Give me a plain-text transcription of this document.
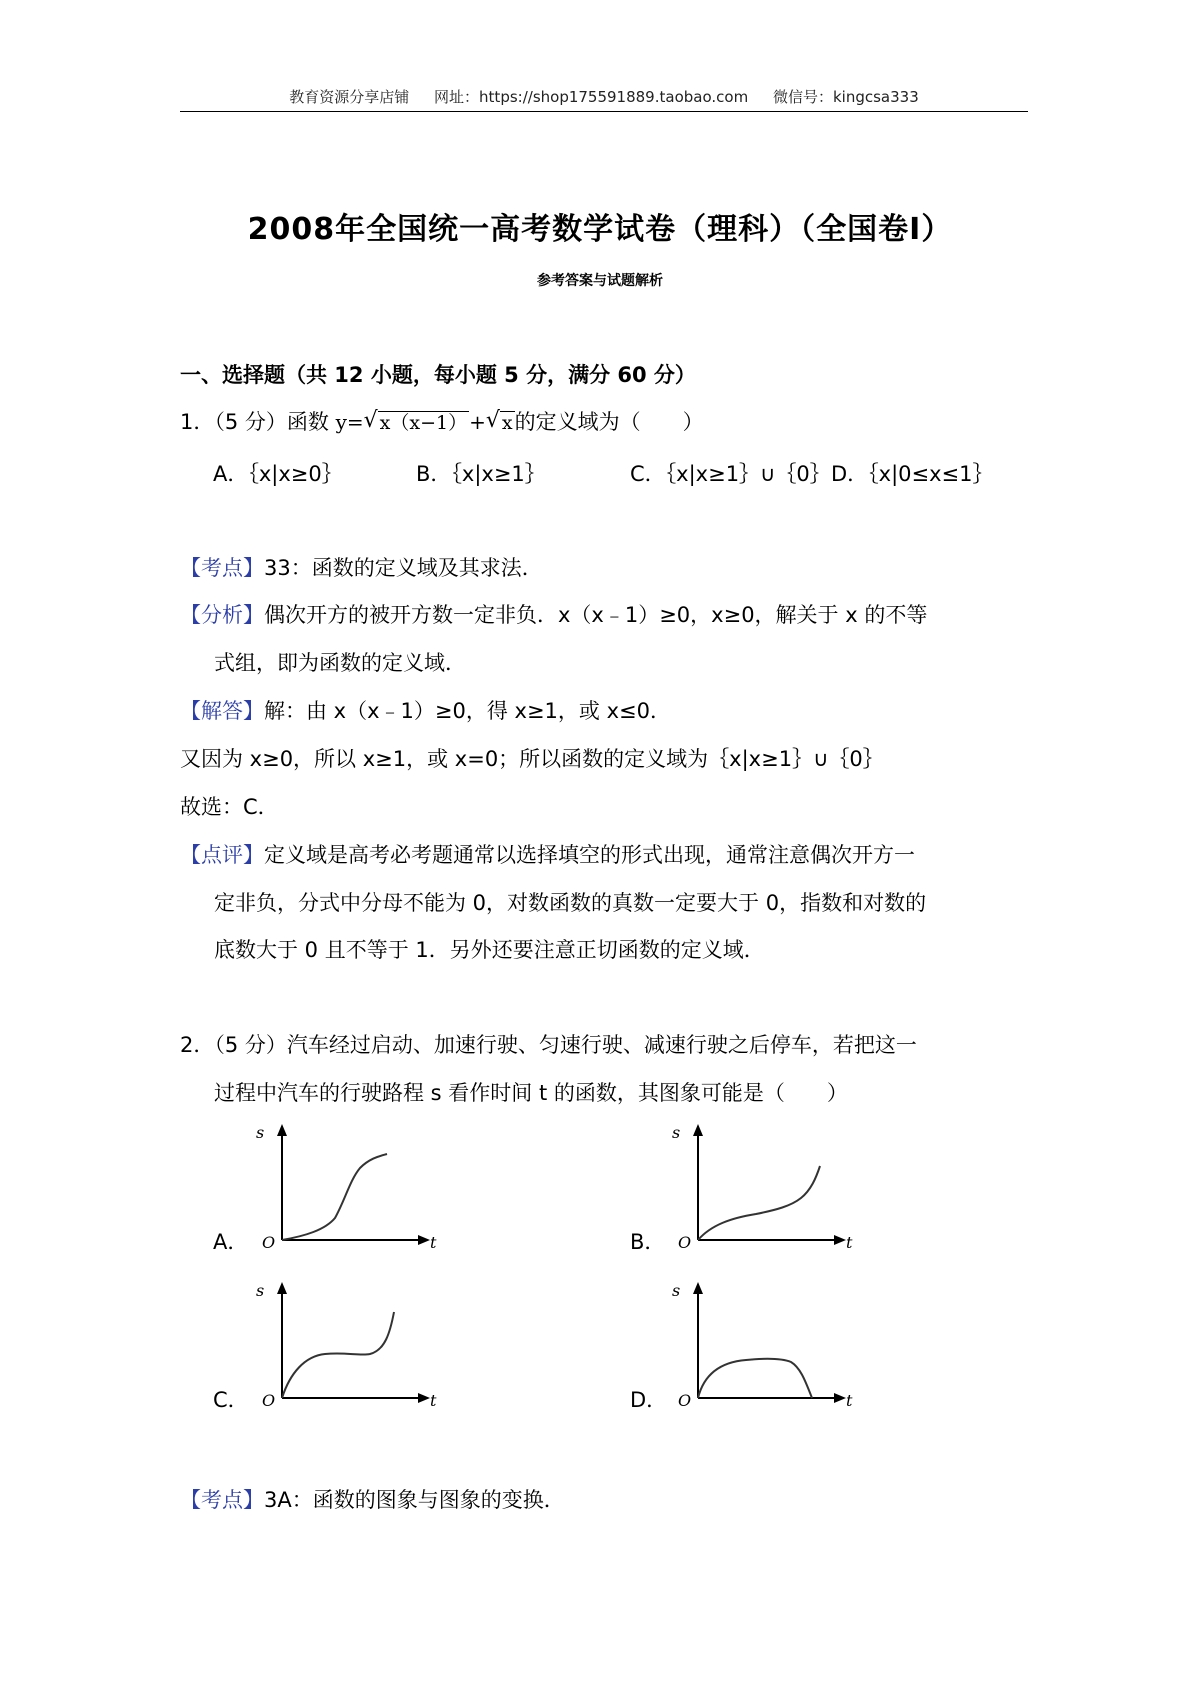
教育资源分享店铺 网址：https://shop175591889.taobao.com 微信号：kingcsa333
2008年全国统一高考数学试卷（理科）（全国卷Ⅰ）
参考答案与试题解析
一、选择题（共 12 小题，每小题 5 分，满分 60 分）
1．（5 分）函数 y= √ x（x−1） + √ x的定义域为（　　）
A．｛x|x≥0｝	B．｛x|x≥1｝	C．｛x|x≥1｝∪｛0｝ D．｛x|0≤x≤1｝
【考点】33：函数的定义域及其求法．
【分析】偶次开方的被开方数一定非负．x（x﹣1）≥0，x≥0，解关于 x 的不等
式组，即为函数的定义域．
【解答】解：由 x（x﹣1）≥0，得 x≥1，或 x≤0．
又因为 x≥0，所以 x≥1，或 x=0；所以函数的定义域为｛x|x≥1｝∪｛0｝
故选：C．
【点评】定义域是高考必考题通常以选择填空的形式出现，通常注意偶次开方一
定非负，分式中分母不能为 0，对数函数的真数一定要大于 0，指数和对数的
底数大于 0 且不等于 1．另外还要注意正切函数的定义域．
2．（5 分）汽车经过启动、加速行驶、匀速行驶、减速行驶之后停车，若把这一
过程中汽车的行驶路程 s 看作时间 t 的函数，其图象可能是（　　）
A．	B．
C．	D．
s
O	t
s
O	t
s
O	t
s
O	t
【考点】3A：函数的图象与图象的变换．
